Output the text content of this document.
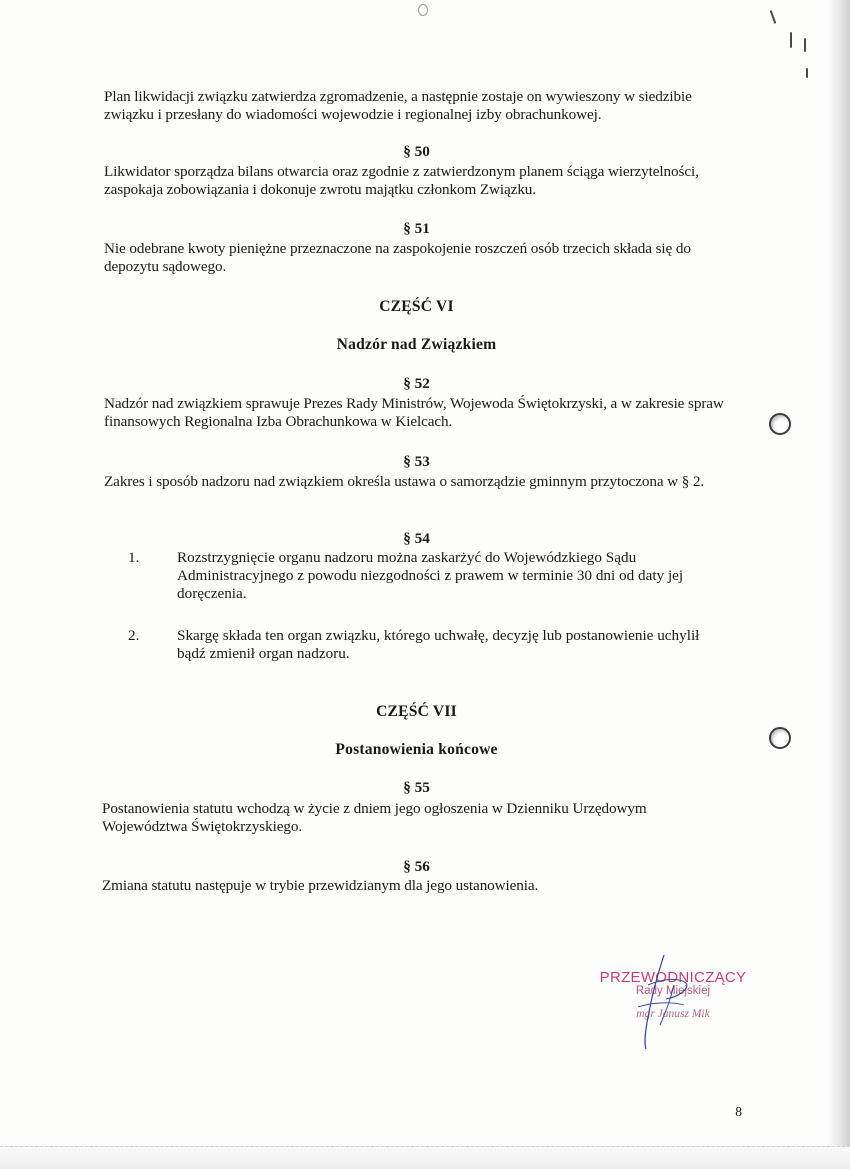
Plan likwidacji związku zatwierdza zgromadzenie, a następnie zostaje on wywieszony w siedzibie związku i przesłany do wiadomości wojewodzie i regionalnej izby obrachunkowej.

§ 50

Likwidator sporządza bilans otwarcia oraz zgodnie z zatwierdzonym planem ściąga wierzytelności, zaspokaja zobowiązania i dokonuje zwrotu majątku członkom Związku.

§ 51

Nie odebrane kwoty pieniężne przeznaczone na zaspokojenie roszczeń osób trzecich składa się do depozytu sądowego.

CZĘŚĆ VI
Nadzór nad Związkiem
§ 52

Nadzór nad związkiem sprawuje Prezes Rady Ministrów, Wojewoda Świętokrzyski, a w zakresie spraw finansowych Regionalna Izba Obrachunkowa w Kielcach.

§ 53

Zakres i sposób nadzoru nad związkiem określa ustawa o samorządzie gminnym przytoczona w § 2.

§ 54
1. Rozstrzygnięcie organu nadzoru można zaskarżyć do Wojewódzkiego Sądu Administracyjnego z powodu niezgodności z prawem w terminie 30 dni od daty jej doręczenia.
2. Skargę składa ten organ związku, którego uchwałę, decyzję lub postanowienie uchylił bądź zmienił organ nadzoru.
CZĘŚĆ VII
Postanowienia końcowe
§ 55

Postanowienia statutu wchodzą w życie z dniem jego ogłoszenia w Dzienniku Urzędowym Województwa Świętokrzyskiego.

§ 56

Zmiana statutu następuje w trybie przewidzianym dla jego ustanowienia.

PRZEWODNICZĄCY
Rady Miejskiej
mgr Janusz Mik
8
